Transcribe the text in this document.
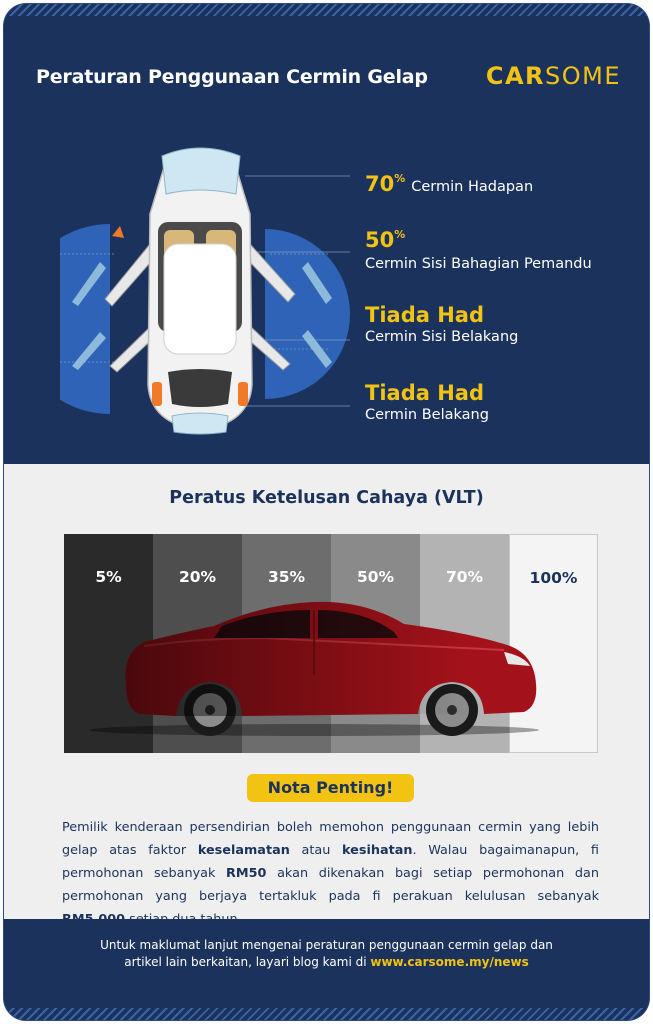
Peraturan Penggunaan Cermin Gelap CARSOME
70%Cermin Hadapan
50%
Cermin Sisi Bahagian Pemandu
Tiada Had
Cermin Sisi Belakang
Tiada Had
Cermin Belakang
Peratus Ketelusan Cahaya (VLT)
5%	20%	35%	50%	70%	100%
Nota Penting!
Pemilik kenderaan persendirian boleh memohon penggunaan cermin yang lebih gelap atas faktor keselamatan atau kesihatan. Walau bagaimanapun, fi permohonan sebanyak RM50 akan dikenakan bagi setiap permohonan dan permohonan yang berjaya tertakluk pada fi perakuan kelulusan sebanyak
Untuk maklumat lanjut mengenai peraturan penggunaan cermin gelap dan
artikel lain berkaitan, layari blog kami di www.carsome.my/news
